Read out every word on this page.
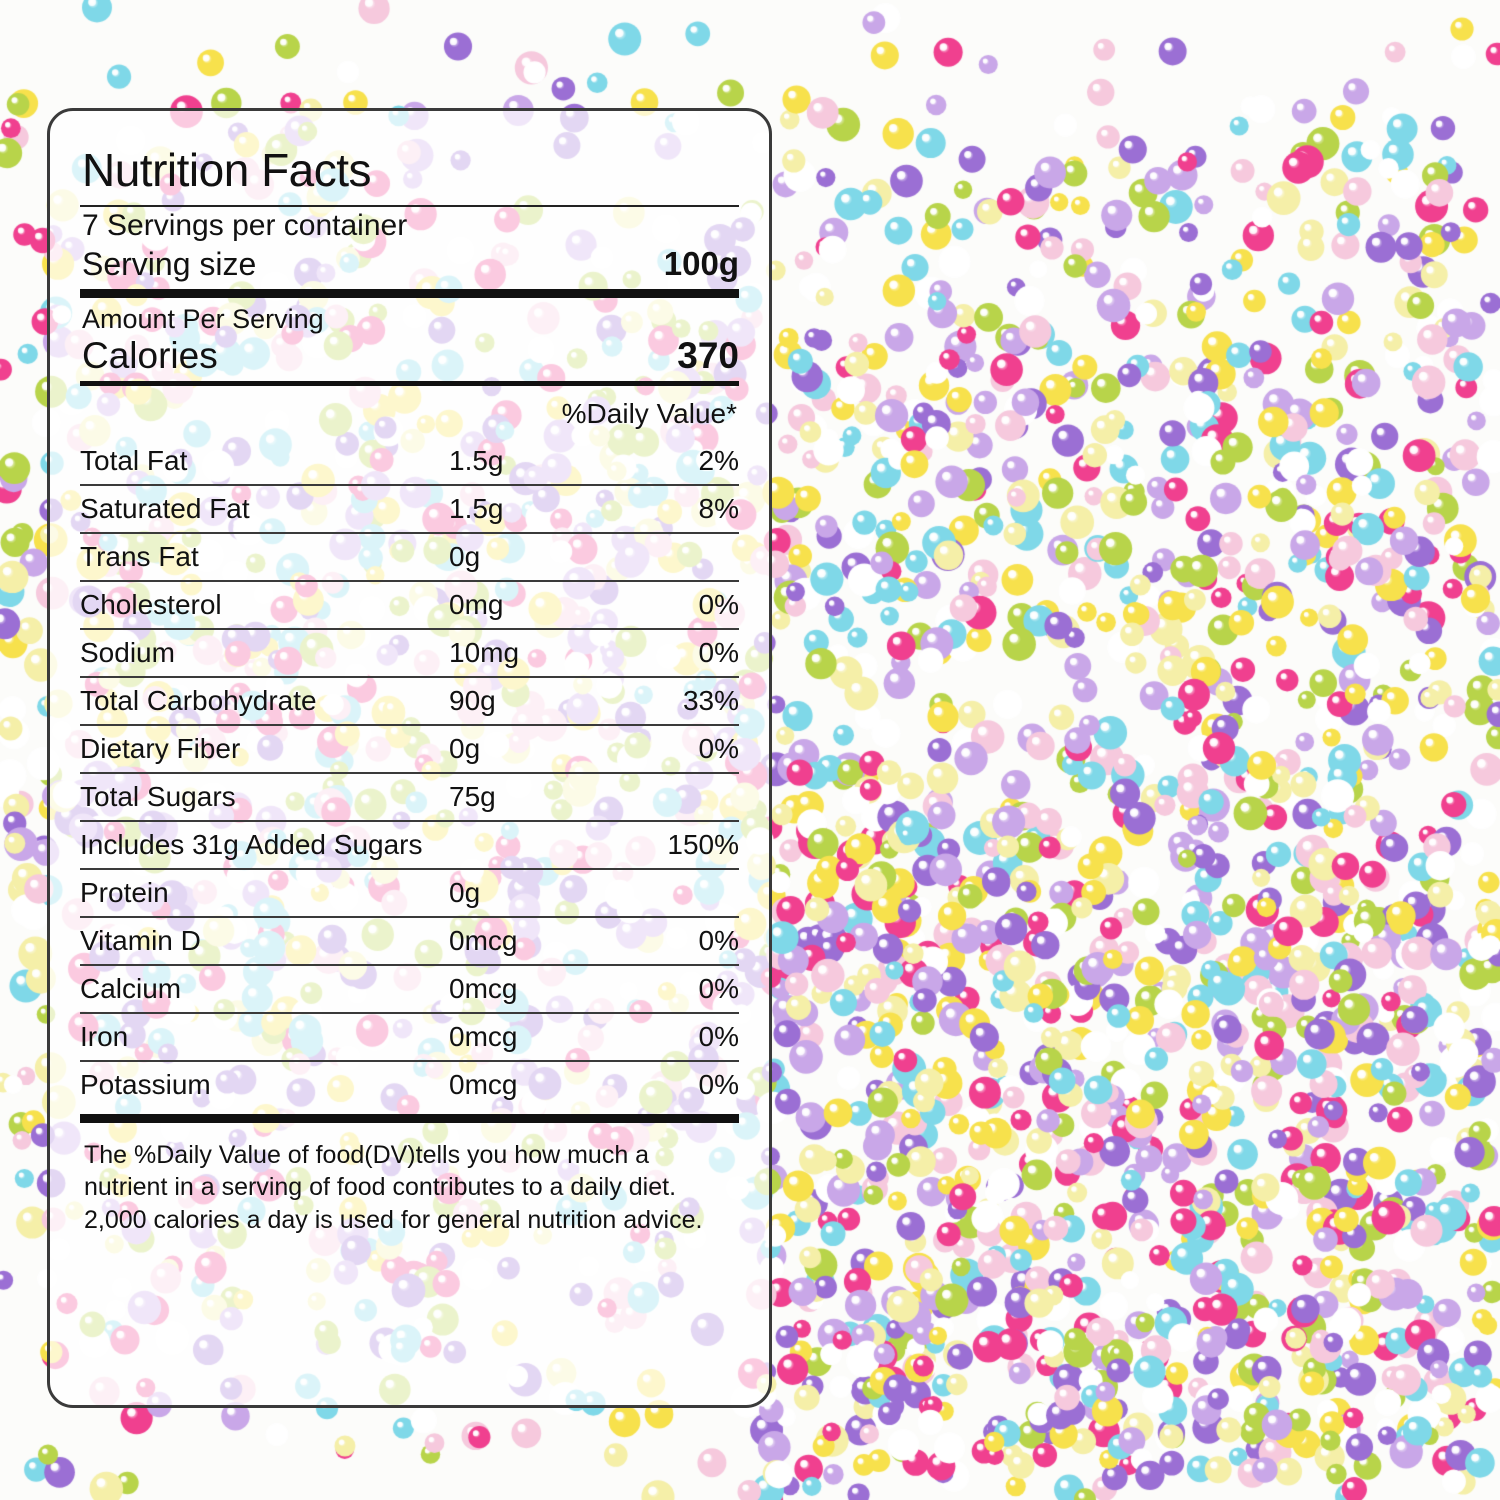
Nutrition Facts
7 Servings per container
Serving size	100g
Amount Per Serving
Calories	370
%Daily Value*
Total Fat	1.5g	2%
Saturated Fat	1.5g	8%
Trans Fat	0g	
Cholesterol	0mg	0%
Sodium	10mg	0%
Total Carbohydrate	90g	33%
Dietary Fiber	0g	0%
Total Sugars	75g	
Includes 31g Added Sugars		150%
Protein	0g	
Vitamin D	0mcg	0%
Calcium	0mcg	0%
Iron	0mcg	0%
Potassium	0mcg	0%
The %Daily Value of food(DV)tells you how much a nutrient in a serving of food contributes to a daily diet. 2,000 calories a day is used for general nutrition advice.
